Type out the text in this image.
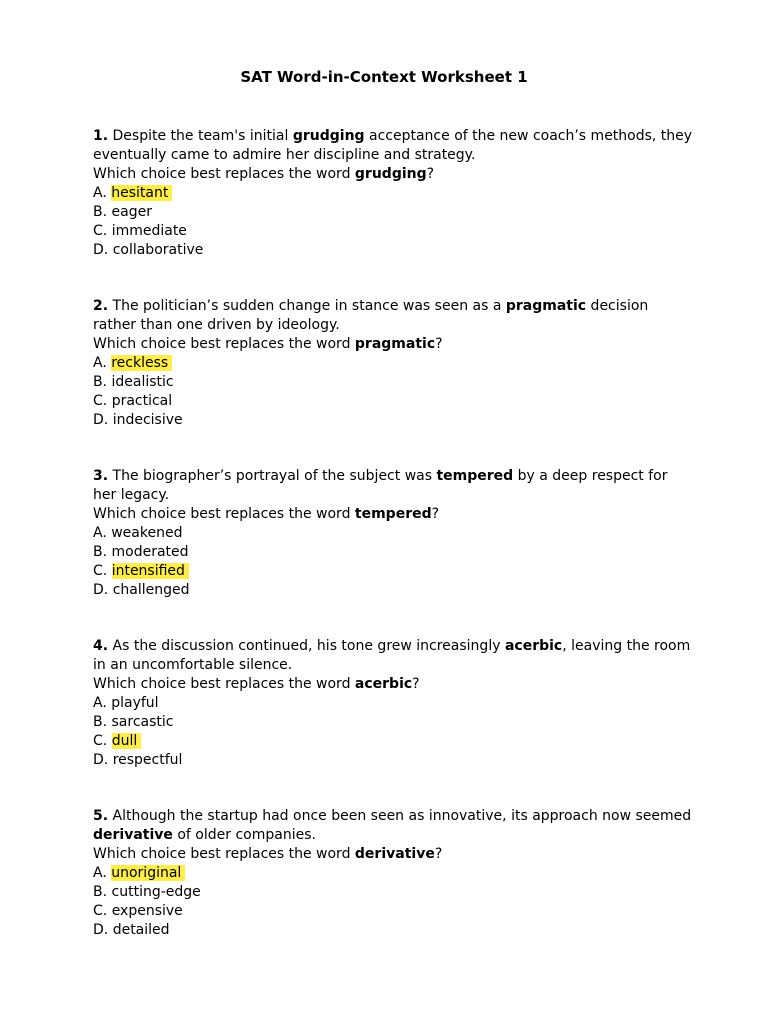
SAT Word-in-Context Worksheet 1
1. Despite the team's initial grudging acceptance of the new coach’s methods, they eventually came to admire her discipline and strategy.
Which choice best replaces the word grudging?
A. hesitant
B. eager
C. immediate
D. collaborative
2. The politician’s sudden change in stance was seen as a pragmatic decision rather than one driven by ideology.
Which choice best replaces the word pragmatic?
A. reckless
B. idealistic
C. practical
D. indecisive
3. The biographer’s portrayal of the subject was tempered by a deep respect for her legacy.
Which choice best replaces the word tempered?
A. weakened
B. moderated
C. intensified
D. challenged
4. As the discussion continued, his tone grew increasingly acerbic, leaving the room in an uncomfortable silence.
Which choice best replaces the word acerbic?
A. playful
B. sarcastic
C. dull
D. respectful
5. Although the startup had once been seen as innovative, its approach now seemed derivative of older companies.
Which choice best replaces the word derivative?
A. unoriginal
B. cutting-edge
C. expensive
D. detailed
